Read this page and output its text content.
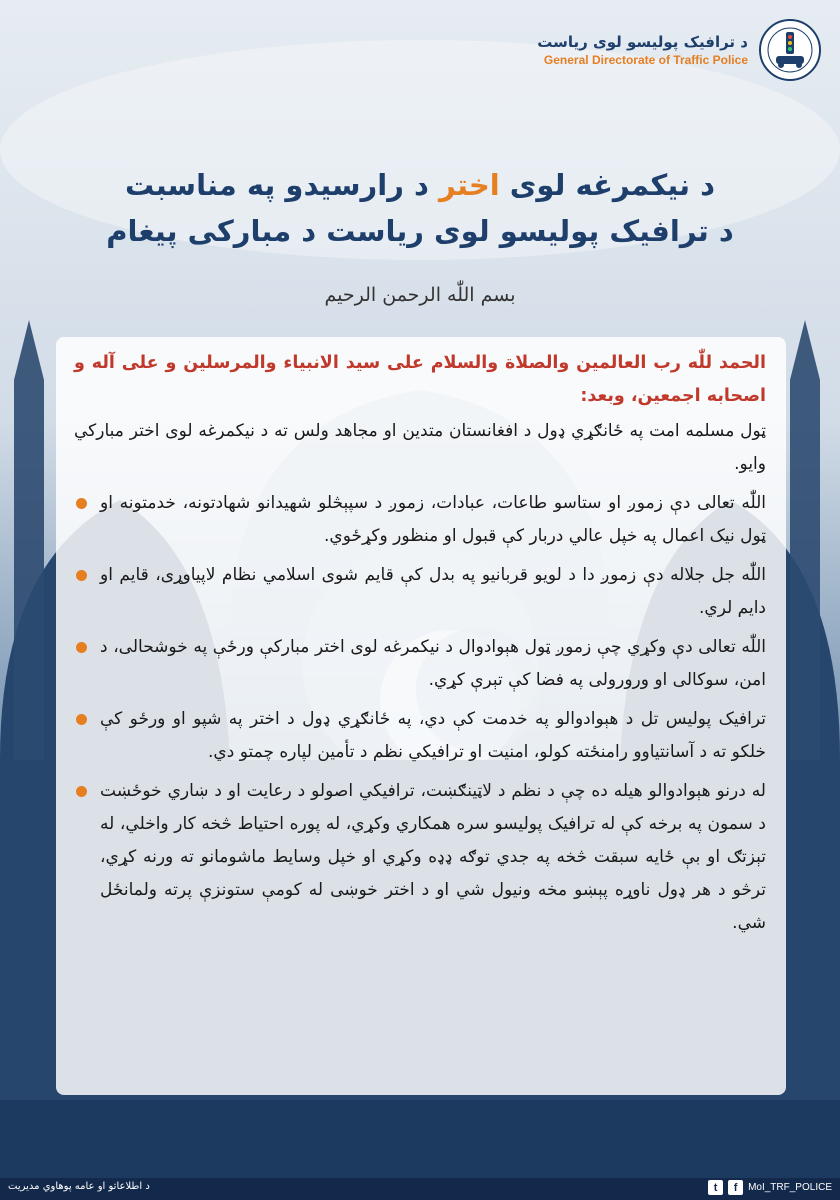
د ترافیک پولیسو لوی ریاست
General Directorate of Traffic Police
د نیکمرغه لوی اختر د رارسیدو په مناسبت
د ترافیک پولیسو لوی ریاست د مبارکی پیغام
بسم اللّٰه الرحمن الرحیم
الحمد للّٰه رب العالمین والصلاة والسلام علی سید الانبیاء والمرسلین و علی آله و اصحابه اجمعین، وبعد:
ټول مسلمه امت په ځانګړي ډول د افغانستان متدین او مجاهد ولس ته د نیکمرغه لوی اختر مبارکي وایو.
اللّٰه تعالی دې زموږ او ستاسو طاعات، عبادات، زموږ د سپېڅلو شهیدانو شهادتونه، خدمتونه او ټول نیک اعمال په خپل عالي دربار کې قبول او منظور وکړځوي.
اللّٰه جل جلاله دې زموږ دا د لویو قربانیو په بدل کې قایم شوی اسلامي نظام لاپیاوړی، قایم او دایم لري.
اللّٰه تعالی دې وکړي چې زموږ ټول هېوادوال د نیکمرغه لوی اختر مبارکې ورځې په خوشحالی، د امن، سوکالی او ورورولی په فضا کې تېرې کړي.
ترافیک پولیس تل د هېوادوالو په خدمت کې دي، په ځانګړي ډول د اختر په شپو او ورځو کې خلکو ته د آسانتیاوو رامنځته کولو، امنیت او ترافیکي نظم د تأمین لپاره چمتو دي.
له درنو هېوادوالو هیله ده چې د نظم د لاټینګښت، ترافیکي اصولو د رعایت او د ښاري خوځښت د سمون په برخه کې له ترافیک پولیسو سره همکاري وکړي، له پوره احتیاط څخه کار واخلي، له تېزتګ او بې ځایه سبقت څخه په جدي توګه ډډه وکړي او خپل وسایط ماشومانو ته ورنه کړي، ترڅو د هر ډول ناوړه پېښو مخه ونیول شي او د اختر خوښی له کومې ستونزې پرته ولمانځل شي.
د اطلاعاتو او عامه پوهاوي مدیریت	t	f	MoI_TRF_POLICE
